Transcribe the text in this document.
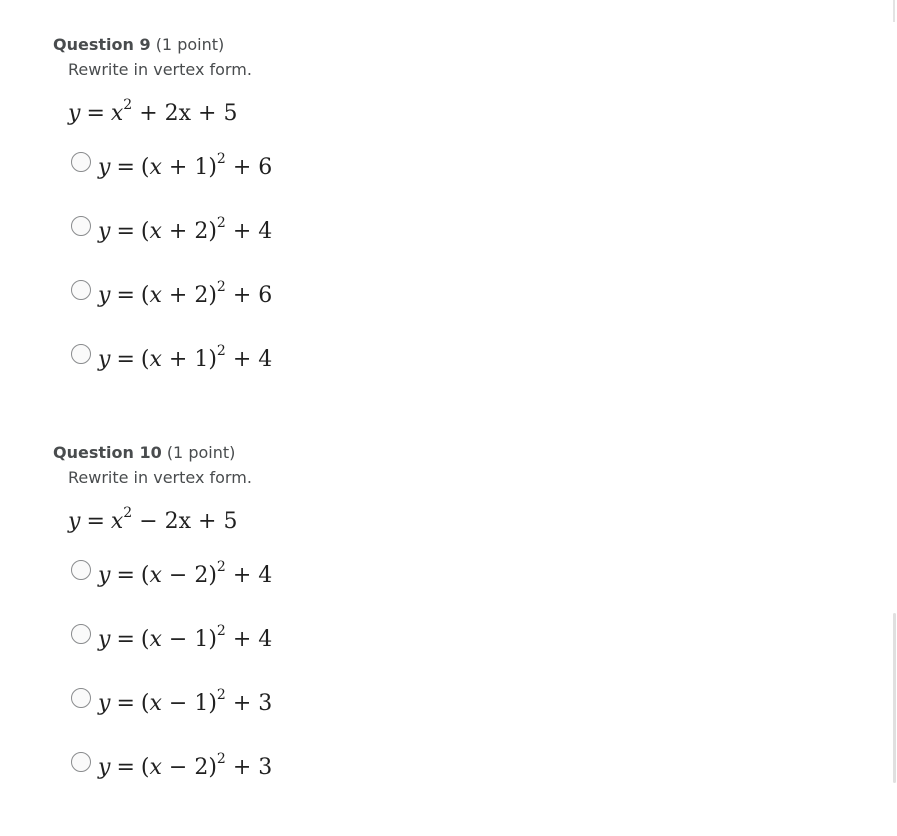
Question 9 (1 point)
Rewrite in vertex form.
$y = x^2 + 2x + 5$
$y = (x + 1)^2 + 6$
$y = (x + 2)^2 + 4$
$y = (x + 2)^2 + 6$
$y = (x + 1)^2 + 4$
Question 10 (1 point)
Rewrite in vertex form.
$y = x^2 - 2x + 5$
$y = (x - 2)^2 + 4$
$y = (x - 1)^2 + 4$
$y = (x - 1)^2 + 3$
$y = (x - 2)^2 + 3$
